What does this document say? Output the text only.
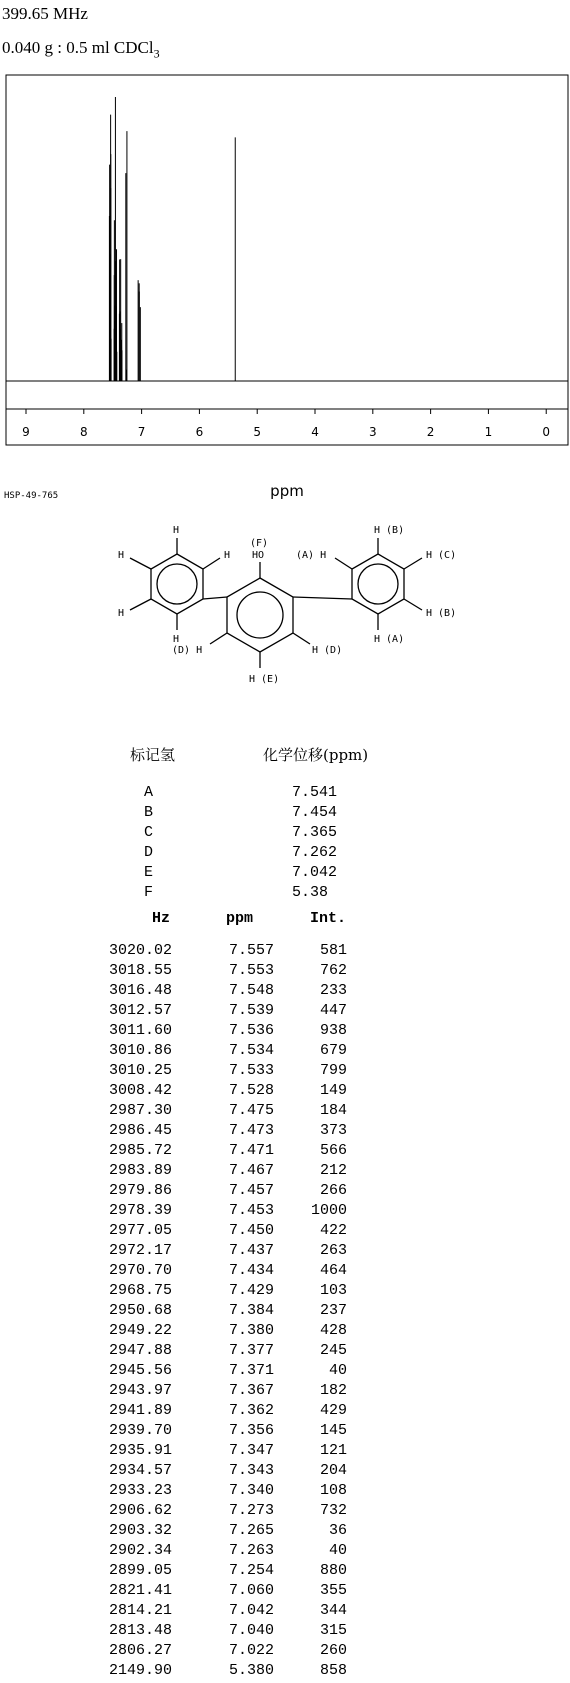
399.65 MHz
0.040 g : 0.5 ml CDCl$_3$
9	8	7	6	5	4	3	2	1	0
ppm
HSP-49-765
H
H	H
H
H
(F)
HO	(A) H
H (B)
H (C)
H (B)
H (A)
(D) H	H (D)
H (E)
标记氢	化学位移(ppm)
A	7.541
B	7.454
C	7.365
D	7.262
E	7.042
F	5.38
Hz	ppm	Int.
3020.02	7.557	581
3018.55	7.553	762
3016.48	7.548	233
3012.57	7.539	447
3011.60	7.536	938
3010.86	7.534	679
3010.25	7.533	799
3008.42	7.528	149
2987.30	7.475	184
2986.45	7.473	373
2985.72	7.471	566
2983.89	7.467	212
2979.86	7.457	266
2978.39	7.453 1000
2977.05	7.450	422
2972.17	7.437	263
2970.70	7.434	464
2968.75	7.429	103
2950.68	7.384	237
2949.22	7.380	428
2947.88	7.377	245
2945.56	7.371	40
2943.97	7.367	182
2941.89	7.362	429
2939.70	7.356	145
2935.91	7.347	121
2934.57	7.343	204
2933.23	7.340	108
2906.62	7.273	732
2903.32	7.265	36
2902.34	7.263	40
2899.05	7.254	880
2821.41	7.060	355
2814.21	7.042	344
2813.48	7.040	315
2806.27	7.022	260
2149.90	5.380	858
